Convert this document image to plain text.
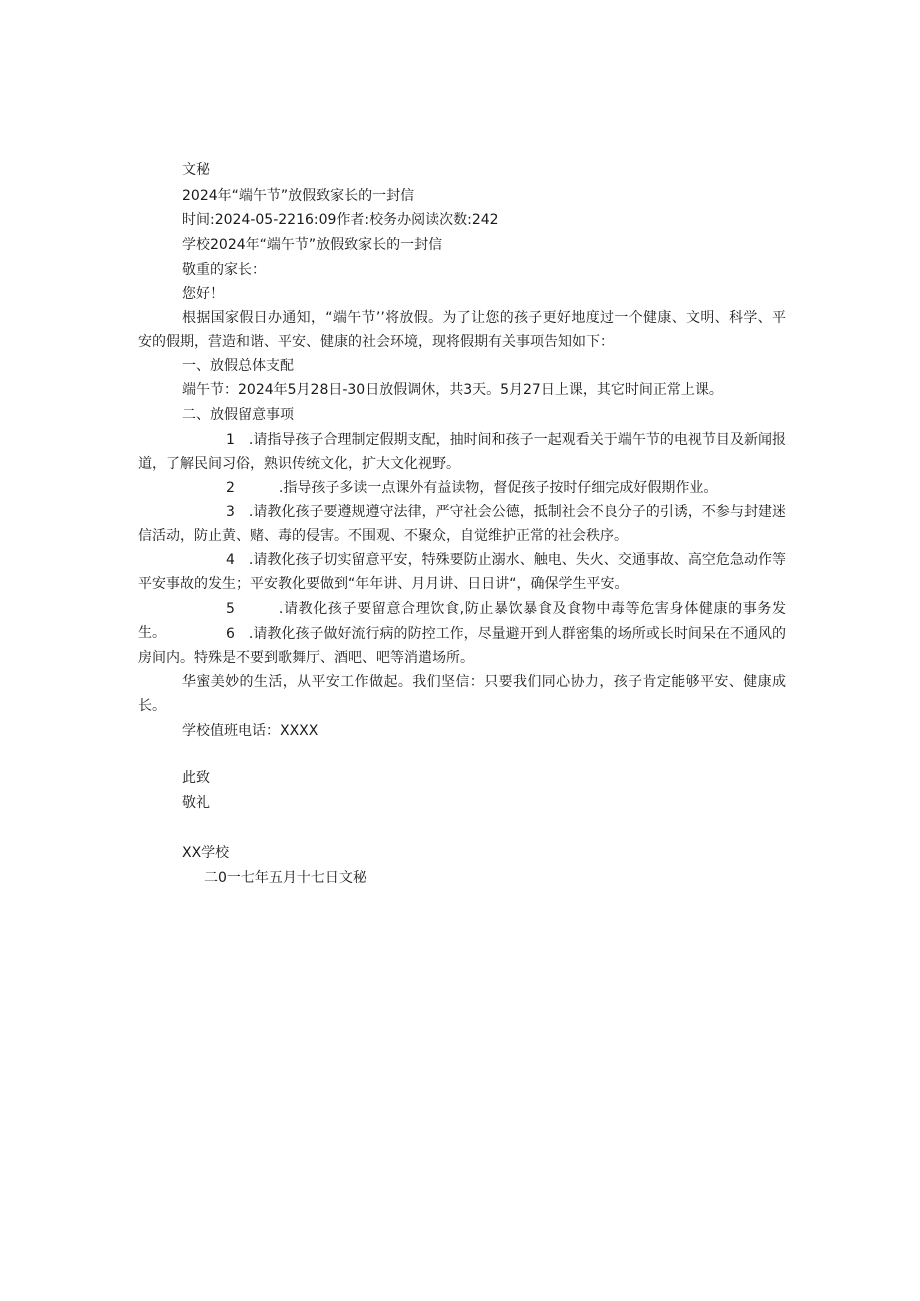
文秘
2024年“端午节”放假致家长的一封信
时间:2024-05-2216:09作者:校务办阅读次数:242
学校2024年“端午节”放假致家长的一封信
敬重的家长：
您好！
根据国家假日办通知，“端午节’’将放假。为了让您的孩子更好地度过一个健康、文明、科学、平安的假期，营造和谐、平安、健康的社会环境，现将假期有关事项告知如下：
一、放假总体支配
端午节：2024年5月28日-30日放假调休，共3天。5月27日上课，其它时间正常上课。
二、放假留意事项
1 .请指导孩子合理制定假期支配，抽时间和孩子一起观看关于端午节的电视节目及新闻报道，了解民间习俗，熟识传统文化，扩大文化视野。
2	.指导孩子多读一点课外有益读物，督促孩子按时仔细完成好假期作业。
3 .请教化孩子要遵规遵守法律，严守社会公德，抵制社会不良分子的引诱，不参与封建迷信活动，防止黄、赌、毒的侵害。不围观、不聚众，自觉维护正常的社会秩序。
4 .请教化孩子切实留意平安，特殊要防止溺水、触电、失火、交通事故、高空危急动作等平安事故的发生；平安教化要做到“年年讲、月月讲、日日讲“，确保学生平安。
5	.请教化孩子要留意合理饮食,防止暴饮暴食及食物中毒等危害身体健康的事务发生。	6 .请教化孩子做好流行病的防控工作，尽量避开到人群密集的场所或长时间呆在不通风的房间内。特殊是不要到歌舞厅、酒吧、吧等消遣场所。
华蜜美妙的生活，从平安工作做起。我们坚信：只要我们同心协力，孩子肯定能够平安、健康成长。
学校值班电话：XXXX
此致
敬礼
XX学校
二0一七年五月十七日文秘
